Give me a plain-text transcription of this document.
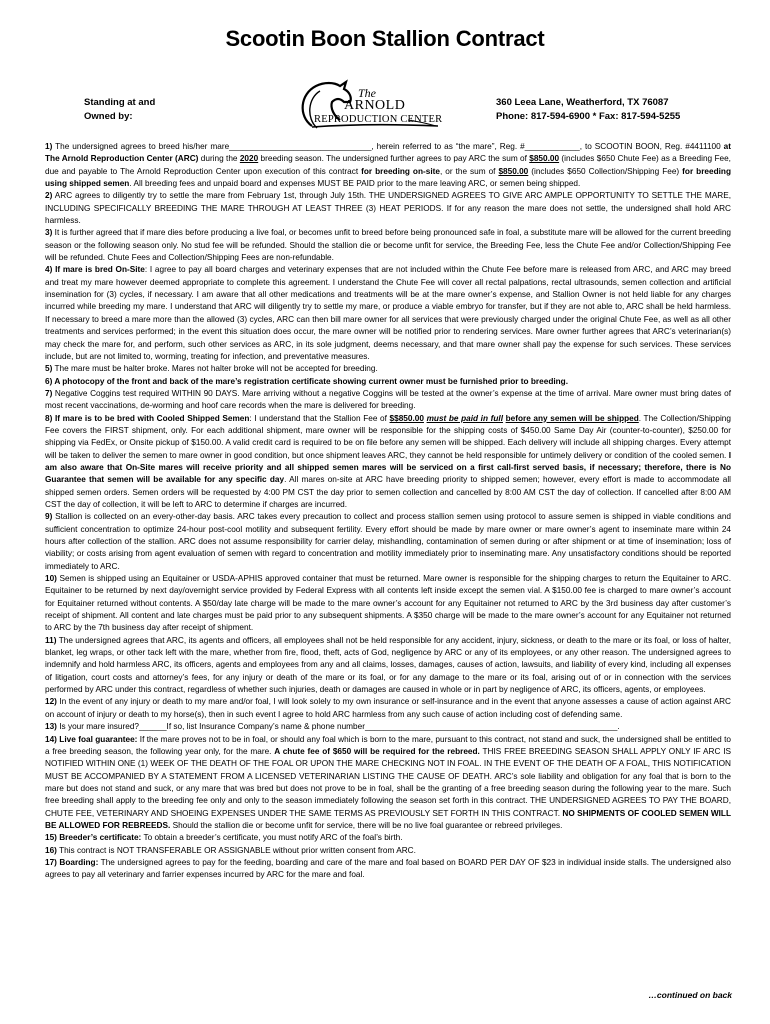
Scootin Boon Stallion Contract
Standing at and
Owned by:
The
ARNOLD
REPRODUCTION CENTER
360 Leea Lane, Weatherford, TX 76087
Phone: 817-594-6900 * Fax: 817-594-5255

1) The undersigned agrees to breed his/her mare_______________________________, herein referred to as “the mare”, Reg. #____________, to SCOOTIN BOON, Reg. #4411100 at The Arnold Reproduction Center (ARC) during the 2020 breeding season. The undersigned further agrees to pay ARC the sum of $850.00 (includes $650 Chute Fee) as a Breeding Fee, due and payable to The Arnold Reproduction Center upon execution of this contract for breeding on-site, or the sum of $850.00 (includes $650 Collection/Shipping Fee) for breeding using shipped semen. All breeding fees and unpaid board and expenses MUST BE PAID prior to the mare leaving ARC, or semen being shipped.

2) ARC agrees to diligently try to settle the mare from February 1st, through July 15th. THE UNDERSIGNED AGREES TO GIVE ARC AMPLE OPPORTUNITY TO SETTLE THE MARE, INCLUDING SPECIFICALLY BREEDING THE MARE THROUGH AT LEAST THREE (3) HEAT PERIODS. If for any reason the mare does not settle, the undersigned shall hold ARC harmless.

3) It is further agreed that if mare dies before producing a live foal, or becomes unfit to breed before being pronounced safe in foal, a substitute mare will be allowed for the current breeding season or the following season only. No stud fee will be refunded. Should the stallion die or become unfit for service, the Breeding Fee, less the Chute Fee and/or Collection/Shipping Fee will be refunded. Chute Fees and Collection/Shipping Fees are non-refundable.

4) If mare is bred On-Site: I agree to pay all board charges and veterinary expenses that are not included within the Chute Fee before mare is released from ARC, and ARC may breed and treat my mare however deemed appropriate to complete this agreement. I understand the Chute Fee will cover all rectal palpations, rectal ultrasounds, semen collection and artificial insemination for (3) cycles, if necessary. I am aware that all other medications and treatments will be at the mare owner’s expense, and Stallion Owner is not held liable for any charges incurred while breeding my mare. I understand that ARC will diligently try to settle my mare, or produce a viable embryo for transfer, but if they are not able to, ARC shall be held harmless. If necessary to breed a mare more than the allowed (3) cycles, ARC can then bill mare owner for all services that were previously charged under the original Chute Fee, as well as all other treatments and services performed; in the event this situation does occur, the mare owner will be notified prior to rendering services. Mare owner further agrees that ARC’s veterinarian(s) may check the mare for, and perform, such other services as ARC, in its sole judgment, deems necessary, and that mare owner shall pay the expense for such services. These services include, but are not limited to, worming, treating for infection, and preventative measures.

5) The mare must be halter broke. Mares not halter broke will not be accepted for breeding.

6) A photocopy of the front and back of the mare’s registration certificate showing current owner must be furnished prior to breeding.

7) Negative Coggins test required WITHIN 90 DAYS. Mare arriving without a negative Coggins will be tested at the owner’s expense at the time of arrival. Mare owner must bring dates of most recent vaccinations, de-worming and hoof care records when the mare is delivered for breeding.

8) If mare is to be bred with Cooled Shipped Semen: I understand that the Stallion Fee of $$850.00 must be paid in full before any semen will be shipped. The Collection/Shipping Fee covers the FIRST shipment, only. For each additional shipment, mare owner will be responsible for the shipping costs of $450.00 Same Day Air (counter-to-counter), $250.00 for shipping via FedEx, or Onsite pickup of $150.00. A valid credit card is required to be on file before any semen will be shipped. Each delivery will include all shipping charges. Every attempt will be taken to deliver the semen to mare owner in good condition, but once shipment leaves ARC, they cannot be held responsible for untimely delivery or condition of the cooled semen. I am also aware that On-Site mares will receive priority and all shipped semen mares will be serviced on a first call-first served basis, if necessary; therefore, there is No Guarantee that semen will be available for any specific day. All mares on-site at ARC have breeding priority to shipped semen; however, every effort is made to accommodate all shipped semen orders. Semen orders will be requested by 4:00 PM CST the day prior to semen collection and cancelled by 8:00 AM CST the day of collection. If cancelled after 8:00 AM CST the day of collection, it will be left to ARC to determine if charges are incurred.

9) Stallion is collected on an every-other-day basis. ARC takes every precaution to collect and process stallion semen using protocol to assure semen is shipped in viable conditions and sufficient concentration to optimize 24-hour post-cool motility and subsequent fertility. Every effort should be made by mare owner or mare owner’s agent to inseminate mare within 24 hours after collection of the stallion. ARC does not assume responsibility for carrier delay, mishandling, contamination of semen during or after shipment or at time of insemination; loss of viability; or costs arising from agent evaluation of semen with regard to concentration and motility immediately prior to inseminating mare. Any unsatisfactory conditions should be reported immediately to ARC.

10) Semen is shipped using an Equitainer or USDA-APHIS approved container that must be returned. Mare owner is responsible for the shipping charges to return the Equitainer to ARC. Equitainer to be returned by next day/overnight service provided by Federal Express with all contents left inside except the semen vial. A $150.00 fee is charged to mare owner’s account for Equitainer returned without contents. A $50/day late charge will be made to the mare owner’s account for any Equitainer not returned to ARC by the 3rd business day after customer’s receipt of shipment. All content and late charges must be paid prior to any subsequent shipments. A $350 charge will be made to the mare owner’s account for any Equitainer not returned to ARC by the 7th business day after receipt of shipment.

11) The undersigned agrees that ARC, its agents and officers, all employees shall not be held responsible for any accident, injury, sickness, or death to the mare or its foal, or loss of halter, blanket, leg wraps, or other tack left with the mare, whether from fire, flood, theft, acts of God, negligence by ARC or any of its employees, or any other reason. The undersigned agrees to indemnify and hold harmless ARC, its officers, agents and employees from any and all claims, losses, damages, causes of action, lawsuits, and liability of every kind, including all expenses of litigation, court costs and attorney’s fees, for any injury or death of the mare or its foal, or for any damage to the mare or its foal, arising out of or in connection with the services performed by ARC under this contract, regardless of whether such injuries, death or damages are caused in whole or in part by negligence of ARC, its officers, agents, or employees.

12) In the event of any injury or death to my mare and/or foal, I will look solely to my own insurance or self-insurance and in the event that anyone assesses a cause of action against ARC on account of injury or death to my horse(s), then in such event I agree to hold ARC harmless from any such cause of action including cost of defending same.

13) Is your mare insured?______If so, list Insurance Company’s name & phone number_______________________________________________________.

14) Live foal guarantee: If the mare proves not to be in foal, or should any foal which is born to the mare, pursuant to this contract, not stand and suck, the undersigned shall be entitled to a free breeding season, the following year only, for the mare. A chute fee of $650 will be required for the rebreed. THIS FREE BREEDING SEASON SHALL APPLY ONLY IF ARC IS NOTIFIED WITHIN ONE (1) WEEK OF THE DEATH OF THE FOAL OR UPON THE MARE CHECKING NOT IN FOAL. IN THE EVENT OF THE DEATH OF A FOAL, THIS NOTIFICATION MUST BE ACCOMPANIED BY A STATEMENT FROM A LICENSED VETERINARIAN LISTING THE CAUSE OF DEATH. ARC’s sole liability and obligation for any foal that is born to the mare but does not stand and suck, or any mare that was bred but does not prove to be in foal, shall be the granting of a free breeding season during the following year to the mare. Such free breeding shall apply to the breeding fee only and only to the season immediately following the season set forth in this contract. THE UNDERSIGNED AGREES TO PAY THE BOARD, CHUTE FEE, VETERINARY AND SHOEING EXPENSES UNDER THE SAME TERMS AS PREVIOUSLY SET FORTH IN THIS CONTRACT. NO SHIPMENTS OF COOLED SEMEN WILL BE ALLOWED FOR REBREEDS. Should the stallion die or become unfit for service, there will be no live foal guarantee or rebreed privileges.

15) Breeder’s certificate: To obtain a breeder’s certificate, you must notify ARC of the foal’s birth.

16) This contract is NOT TRANSFERABLE OR ASSIGNABLE without prior written consent from ARC.

17) Boarding: The undersigned agrees to pay for the feeding, boarding and care of the mare and foal based on BOARD PER DAY OF $23 in individual inside stalls. The undersigned also agrees to pay all veterinary and farrier expenses incurred by ARC for the mare and foal.

…continued on back
